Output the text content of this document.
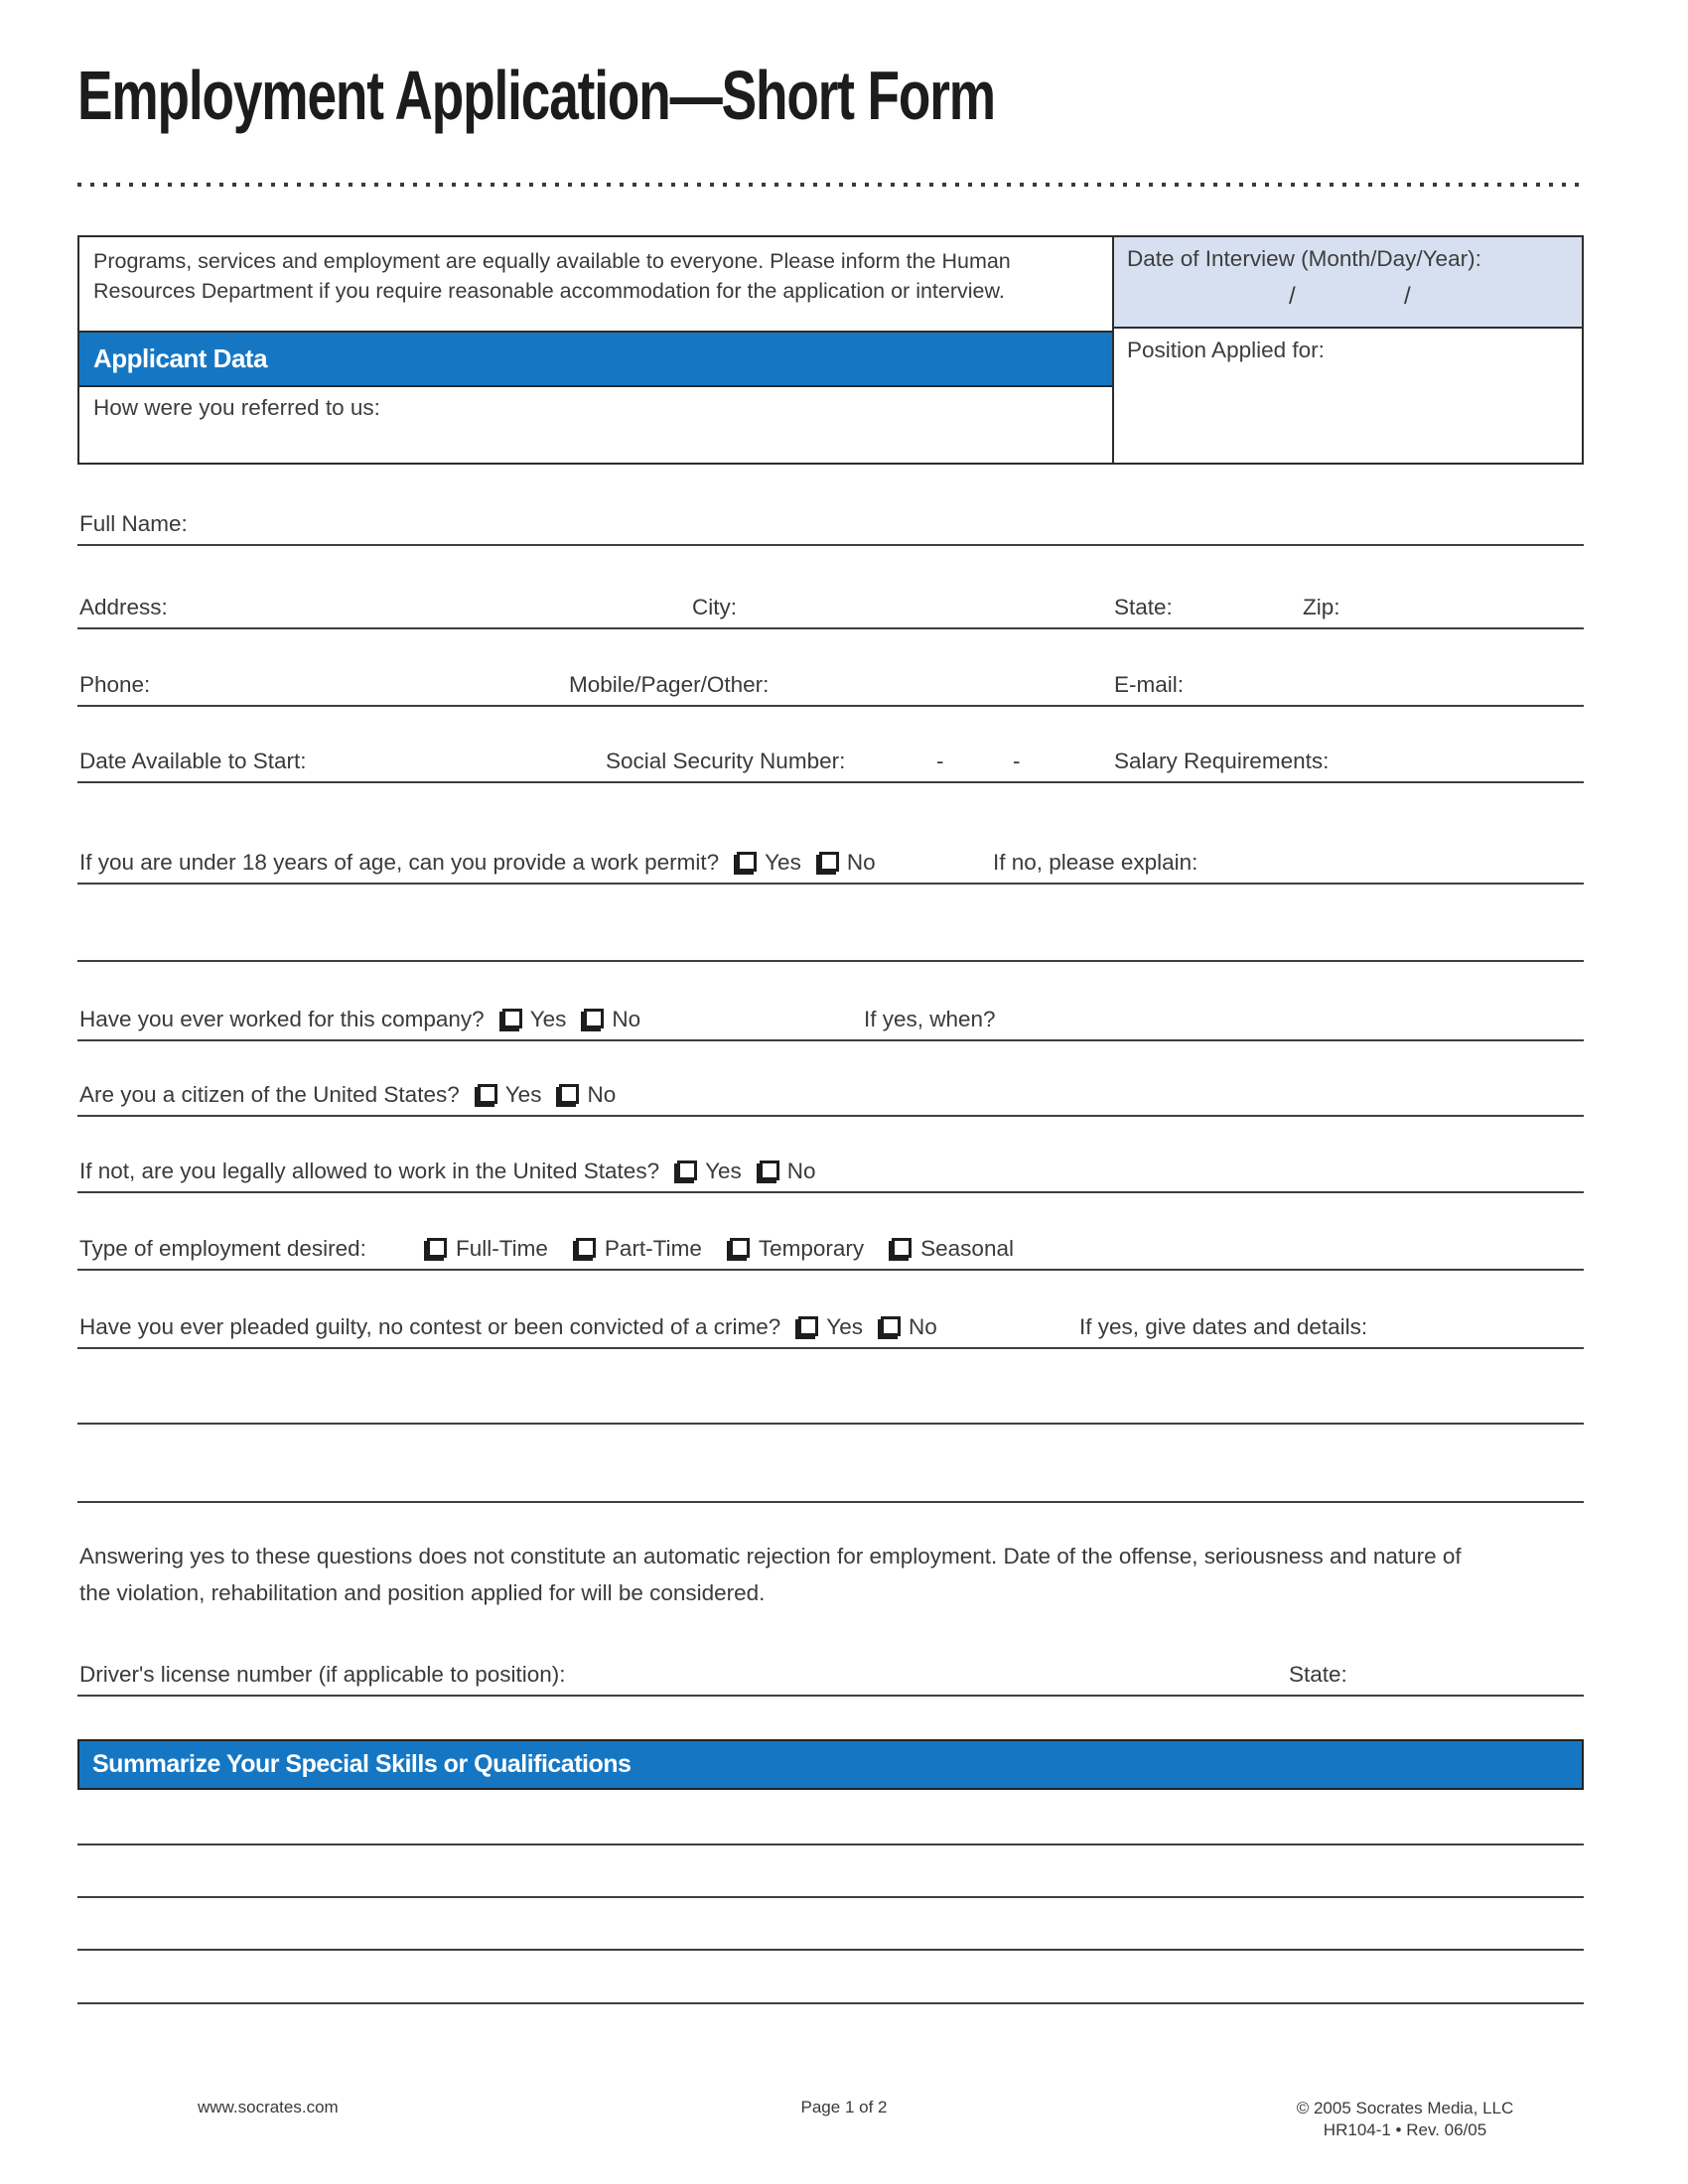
Employment Application—Short Form
Programs, services and employment are equally available to everyone. Please inform the Human Resources Department if you require reasonable accommodation for the application or interview.
Applicant Data
How were you referred to us:
Date of Interview (Month/Day/Year):
/	/
Position Applied for:
Full Name:
Address:	City:	State:	Zip:
Phone:	Mobile/Pager/Other:	E-mail:
Date Available to Start:	Social Security Number:	-	-	Salary Requirements:
If you are under 18 years of age, can you provide a work permit? Yes No	If no, please explain:
Have you ever worked for this company? Yes No	If yes, when?
Are you a citizen of the United States? Yes No
If not, are you legally allowed to work in the United States? Yes No
Type of employment desired:	Full-Time	Part-Time	Temporary	Seasonal
Have you ever pleaded guilty, no contest or been convicted of a crime? Yes No	If yes, give dates and details:
Answering yes to these questions does not constitute an automatic rejection for employment. Date of the offense, seriousness and nature of the violation, rehabilitation and position applied for will be considered.
Driver's license number (if applicable to position):	State:
Summarize Your Special Skills or Qualifications
www.socrates.com	Page 1 of 2	© 2005 Socrates Media, LLC
HR104-1 • Rev. 06/05
